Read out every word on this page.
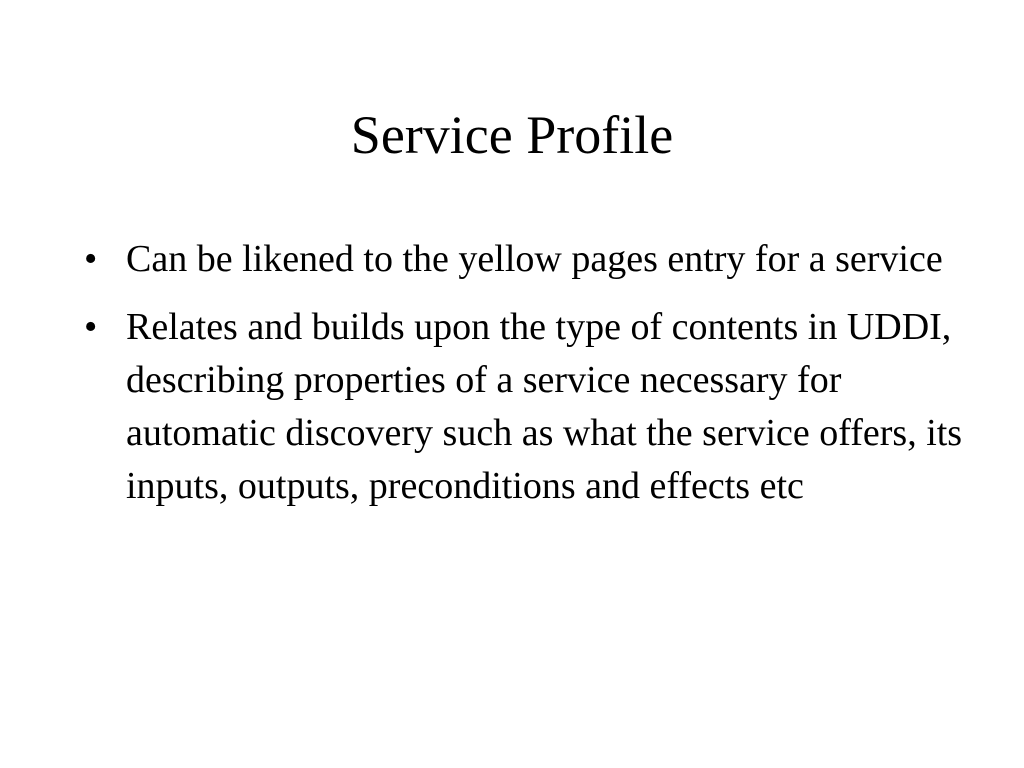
Service Profile
• Can be likened to the yellow pages entry for a service
• Relates and builds upon the type of contents in UDDI, describing properties of a service necessary for automatic discovery such as what the service offers, its inputs, outputs, preconditions and effects etc
